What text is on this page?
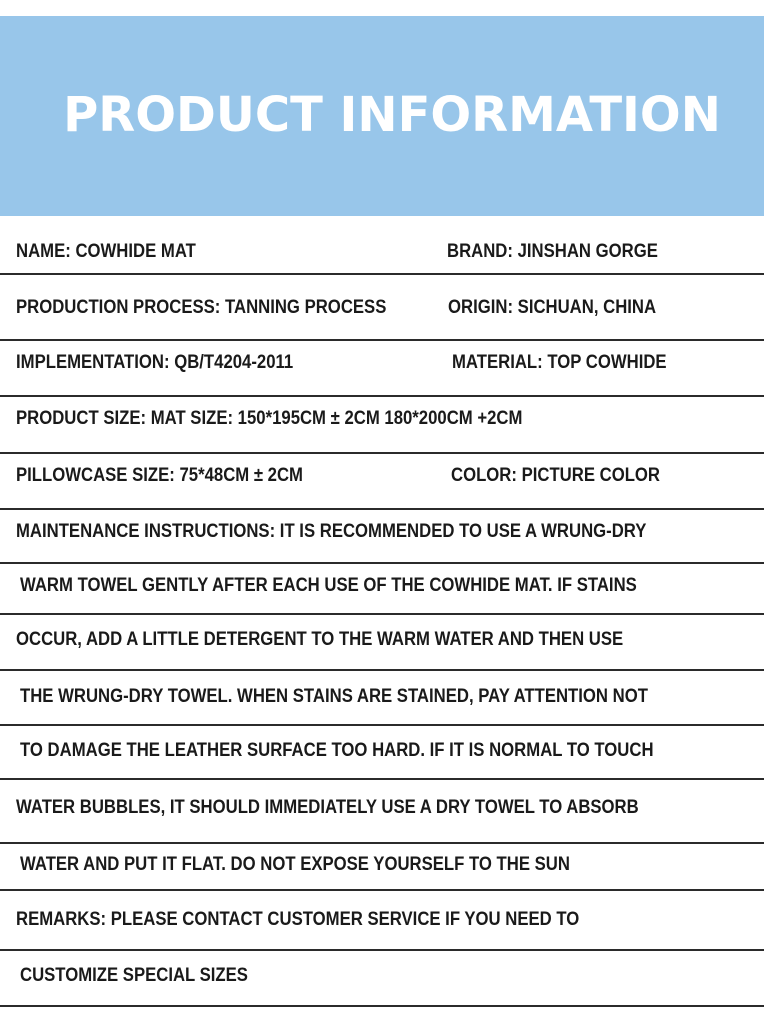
PRODUCT INFORMATION
NAME: COWHIDE MAT	BRAND: JINSHAN GORGE
PRODUCTION PROCESS: TANNING PROCESS	ORIGIN: SICHUAN, CHINA
IMPLEMENTATION: QB/T4204-2011	MATERIAL: TOP COWHIDE
PRODUCT SIZE: MAT SIZE: 150*195CM ± 2CM 180*200CM +2CM
PILLOWCASE SIZE: 75*48CM ± 2CM	COLOR: PICTURE COLOR
MAINTENANCE INSTRUCTIONS: IT IS RECOMMENDED TO USE A WRUNG-DRY
WARM TOWEL GENTLY AFTER EACH USE OF THE COWHIDE MAT. IF STAINS
OCCUR, ADD A LITTLE DETERGENT TO THE WARM WATER AND THEN USE
THE WRUNG-DRY TOWEL. WHEN STAINS ARE STAINED, PAY ATTENTION NOT
TO DAMAGE THE LEATHER SURFACE TOO HARD. IF IT IS NORMAL TO TOUCH
WATER BUBBLES, IT SHOULD IMMEDIATELY USE A DRY TOWEL TO ABSORB
WATER AND PUT IT FLAT. DO NOT EXPOSE YOURSELF TO THE SUN
REMARKS: PLEASE CONTACT CUSTOMER SERVICE IF YOU NEED TO
CUSTOMIZE SPECIAL SIZES
